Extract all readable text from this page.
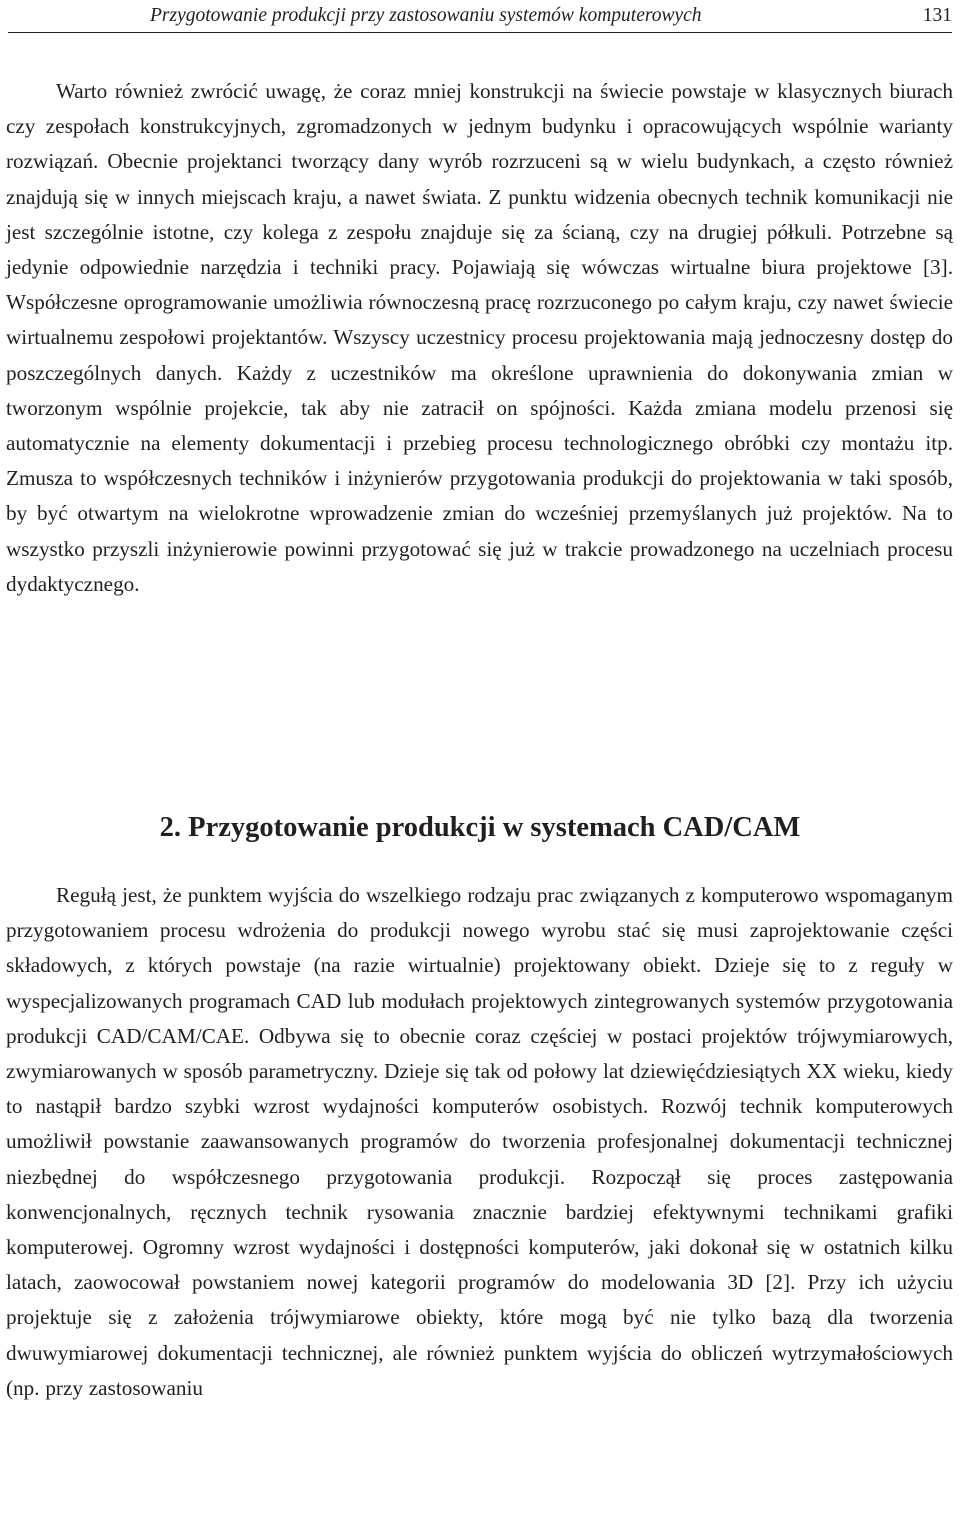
Przygotowanie produkcji przy zastosowaniu systemów komputerowych	131

Warto również zwrócić uwagę, że coraz mniej konstrukcji na świecie powstaje w klasycznych biurach czy zespołach konstrukcyjnych, zgromadzonych w jednym budynku i opracowujących wspólnie warianty rozwiązań. Obecnie projektanci tworzący dany wyrób rozrzuceni są w wielu budynkach, a często również znajdują się w innych miejscach kraju, a nawet świata. Z punktu widzenia obecnych technik komunikacji nie jest szczególnie istotne, czy kolega z zespołu znajduje się za ścianą, czy na drugiej półkuli. Potrzebne są jedynie odpowiednie narzędzia i techniki pracy. Pojawiają się wówczas wirtualne biura projektowe [3]. Współczesne oprogramowanie umożliwia równoczesną pracę rozrzuconego po całym kraju, czy nawet świecie wirtualnemu zespołowi projektantów. Wszyscy uczestnicy procesu projektowania mają jednoczesny dostęp do poszczególnych danych. Każdy z uczestników ma określone uprawnienia do dokonywania zmian w tworzonym wspólnie projekcie, tak aby nie zatracił on spójności. Każda zmiana modelu przenosi się automatycznie na elementy dokumentacji i przebieg procesu technologicznego obróbki czy montażu itp. Zmusza to współczesnych techników i inżynierów przygotowania produkcji do projektowania w taki sposób, by być otwartym na wielokrotne wprowadzenie zmian do wcześniej przemyślanych już projektów. Na to wszystko przyszli inżynierowie powinni przygotować się już w trakcie prowadzonego na uczelniach procesu dydaktycznego.

2. Przygotowanie produkcji w systemach CAD/CAM

Regułą jest, że punktem wyjścia do wszelkiego rodzaju prac związanych z komputerowo wspomaganym przygotowaniem procesu wdrożenia do produkcji nowego wyrobu stać się musi zaprojektowanie części składowych, z których powstaje (na razie wirtualnie) projektowany obiekt. Dzieje się to z reguły w wyspecjalizowanych programach CAD lub modułach projektowych zintegrowanych systemów przygotowania produkcji CAD/CAM/CAE. Odbywa się to obecnie coraz częściej w postaci projektów trójwymiarowych, zwymiarowanych w sposób parametryczny. Dzieje się tak od połowy lat dziewięćdziesiątych XX wieku, kiedy to nastąpił bardzo szybki wzrost wydajności komputerów osobistych. Rozwój technik komputerowych umożliwił powstanie zaawansowanych programów do tworzenia profesjonalnej dokumentacji technicznej niezbędnej do współczesnego przygotowania produkcji. Rozpoczął się proces zastępowania konwencjonalnych, ręcznych technik rysowania znacznie bardziej efektywnymi technikami grafiki komputerowej. Ogromny wzrost wydajności i dostępności komputerów, jaki dokonał się w ostatnich kilku latach, zaowocował powstaniem nowej kategorii programów do modelowania 3D [2]. Przy ich użyciu projektuje się z założenia trójwymiarowe obiekty, które mogą być nie tylko bazą dla tworzenia dwuwymiarowej dokumentacji technicznej, ale również punktem wyjścia do obliczeń wytrzymałościowych (np. przy zastosowaniu
